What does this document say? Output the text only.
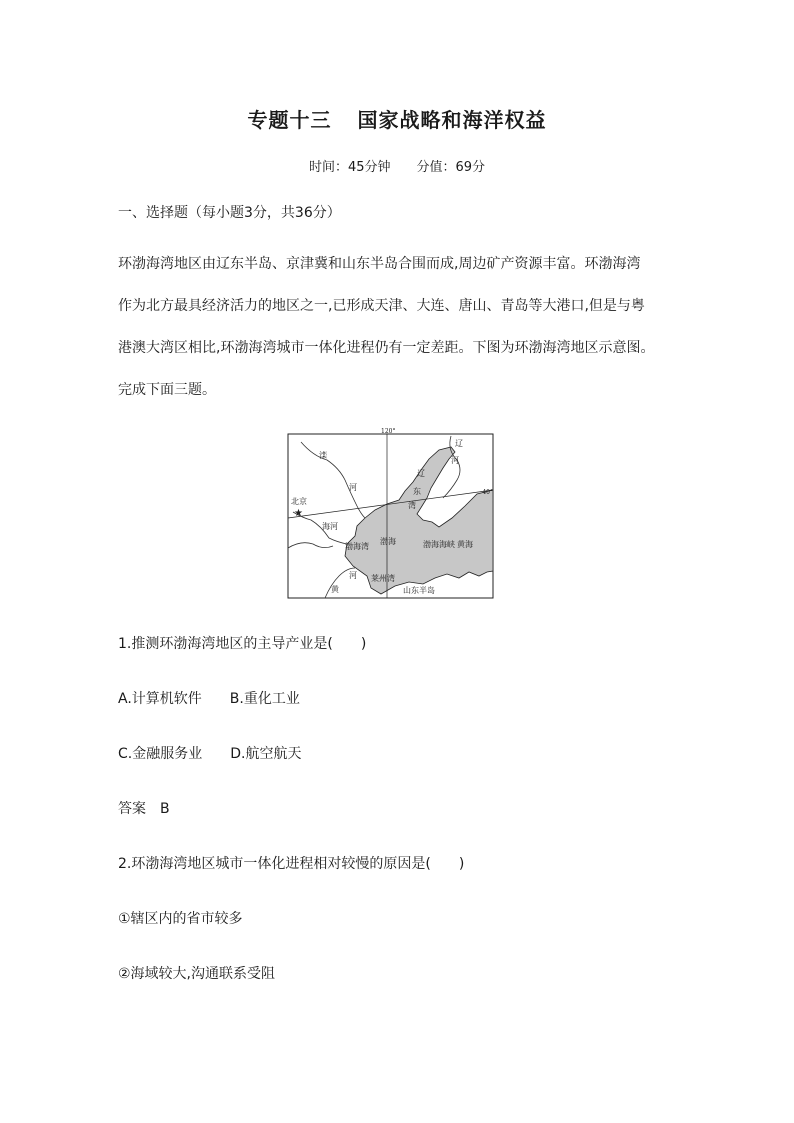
专题十三 国家战略和海洋权益
时间：45分钟 分值：69分
一、选择题（每小题3分，共36分）
环渤海湾地区由辽东半岛、京津冀和山东半岛合围而成,周边矿产资源丰富。环渤海湾
作为北方最具经济活力的地区之一,已形成天津、大连、唐山、青岛等大港口,但是与粤
港澳大湾区相比,环渤海湾城市一体化进程仍有一定差距。下图为环渤海湾地区示意图。
完成下面三题。
120°
40°
北京
★
滦
河
辽
河
辽
东
湾
海河
渤海湾
渤海	渤海海峡 黄海
河
黄
莱州湾
山东半岛
1.推测环渤海湾地区的主导产业是(　　)
A.计算机软件　　B.重化工业
C.金融服务业　　D.航空航天
答案　B
2.环渤海湾地区城市一体化进程相对较慢的原因是(　　)
①辖区内的省市较多
②海域较大,沟通联系受阻
